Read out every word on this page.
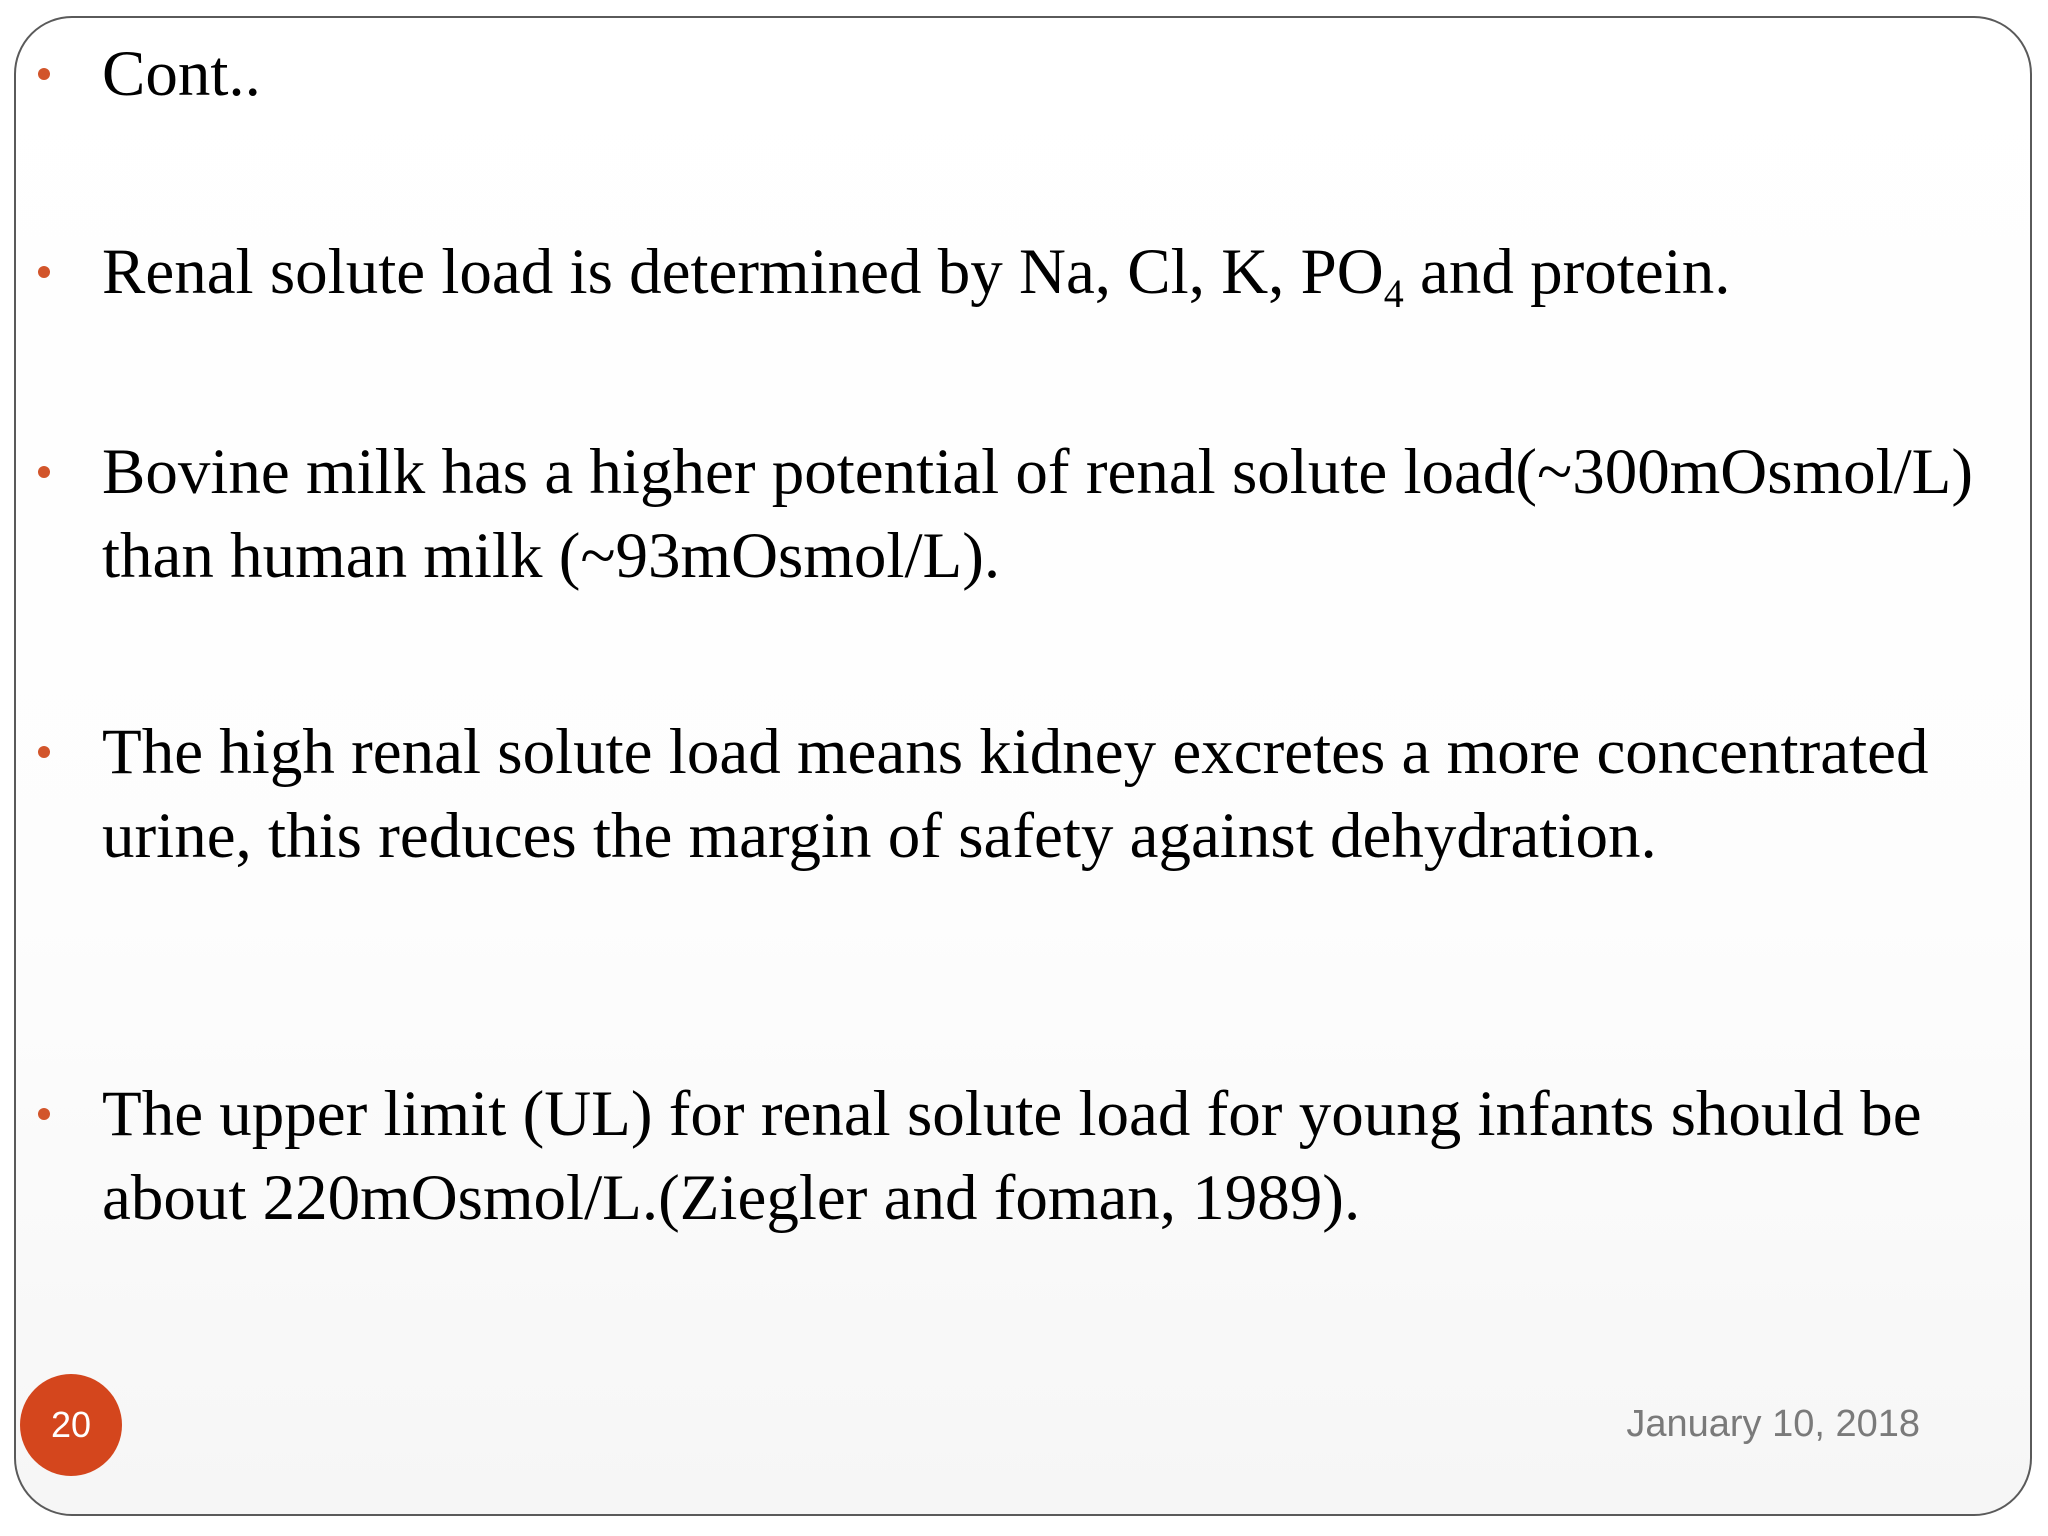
Cont..
Renal solute load is determined by Na, Cl, K, $PO_4$ and protein.
Bovine milk has a higher potential of renal solute load(~300mOsmol/L) than human milk (~93mOsmol/L).
The high renal solute load means kidney excretes a more concentrated urine, this reduces the margin of safety against dehydration.
The upper limit (UL) for renal solute load for young infants should be about 220mOsmol/L.(Ziegler and foman, 1989).
20	January 10, 2018
